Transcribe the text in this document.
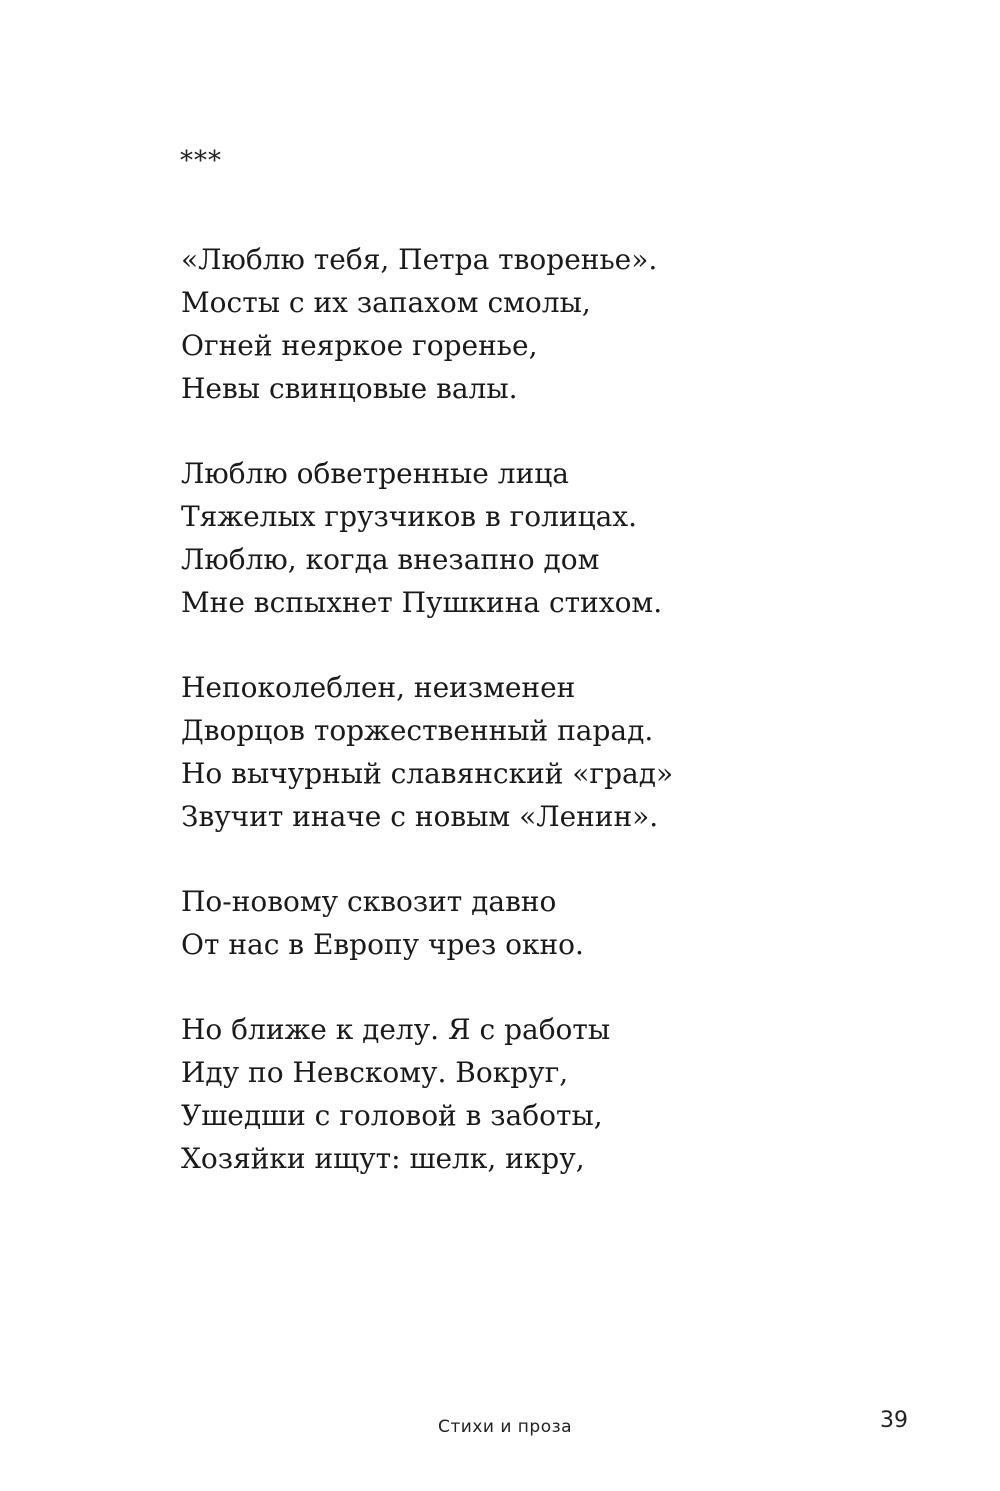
***
«Люблю тебя, Петра творенье».
Мосты с их запахом смолы,
Огней неяркое горенье,
Невы свинцовые валы.
Люблю обветренные лица
Тяжелых грузчиков в голицах.
Люблю, когда внезапно дом
Мне вспыхнет Пушкина стихом.
Непоколеблен, неизменен
Дворцов торжественный парад.
Но вычурный славянский «град»
Звучит иначе с новым «Ленин».
По-новому сквозит давно
От нас в Европу чрез окно.
Но ближе к делу. Я с работы
Иду по Невскому. Вокруг,
Ушедши с головой в заботы,
Хозяйки ищут: шелк, икру,
Стихи и проза	39
